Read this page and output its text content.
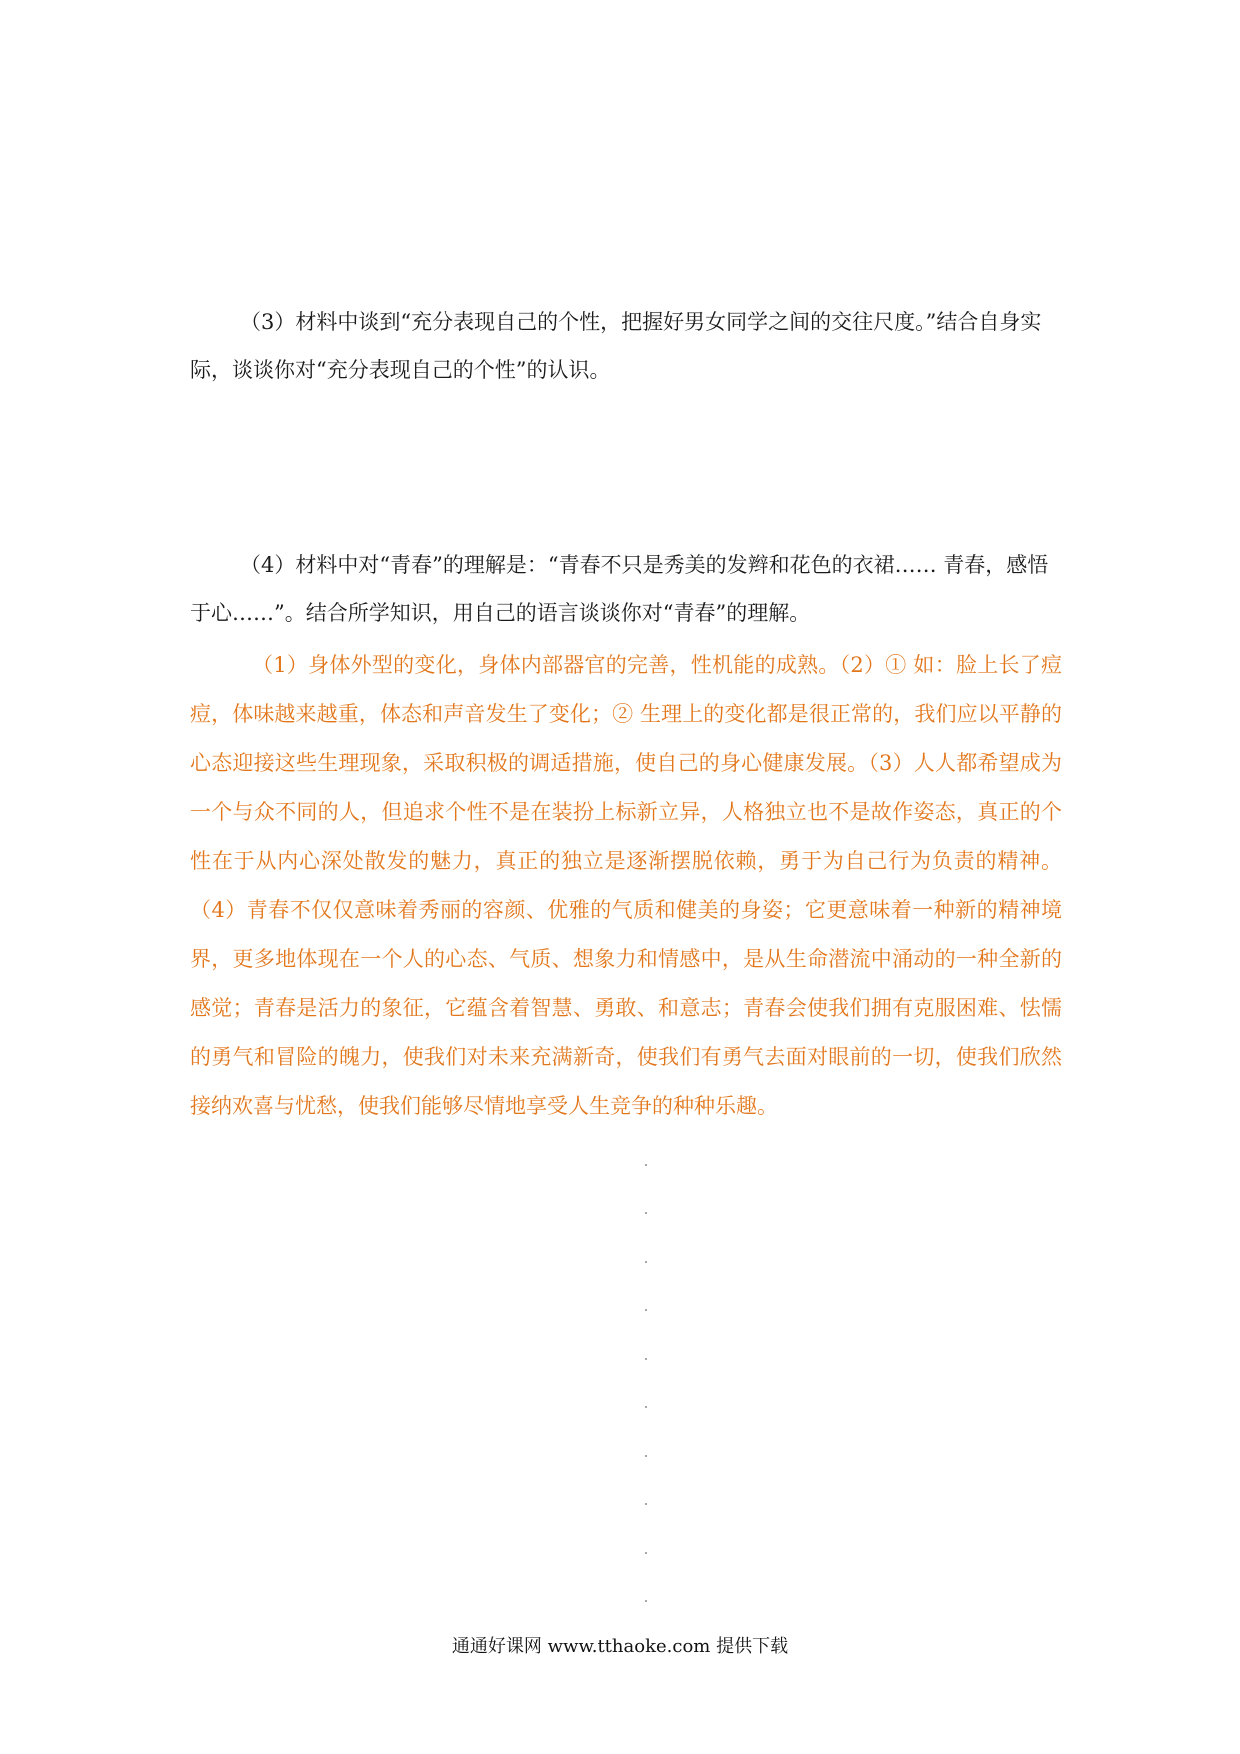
（3）材料中谈到“充分表现自己的个性，把握好男女同学之间的交往尺度。”结合自身实际，谈谈你对“充分表现自己的个性”的认识。

（4）材料中对“青春”的理解是：“青春不只是秀美的发辫和花色的衣裙…… 青春，感悟于心……”。结合所学知识，用自己的语言谈谈你对“青春”的理解。

（1）身体外型的变化，身体内部器官的完善，性机能的成熟。（2）① 如：脸上长了痘痘，体味越来越重，体态和声音发生了变化；② 生理上的变化都是很正常的，我们应以平静的心态迎接这些生理现象，采取积极的调适措施，使自己的身心健康发展。（3）人人都希望成为一个与众不同的人，但追求个性不是在装扮上标新立异，人格独立也不是故作姿态，真正的个性在于从内心深处散发的魅力，真正的独立是逐渐摆脱依赖，勇于为自己行为负责的精神。（4）青春不仅仅意味着秀丽的容颜、优雅的气质和健美的身姿；它更意味着一种新的精神境界，更多地体现在一个人的心态、气质、想象力和情感中，是从生命潜流中涌动的一种全新的感觉；青春是活力的象征，它蕴含着智慧、勇敢、和意志；青春会使我们拥有克服困难、怯懦的勇气和冒险的魄力，使我们对未来充满新奇，使我们有勇气去面对眼前的一切，使我们欣然接纳欢喜与忧愁，使我们能够尽情地享受人生竞争的种种乐趣。

通通好课网 www.tthaoke.com 提供下载
